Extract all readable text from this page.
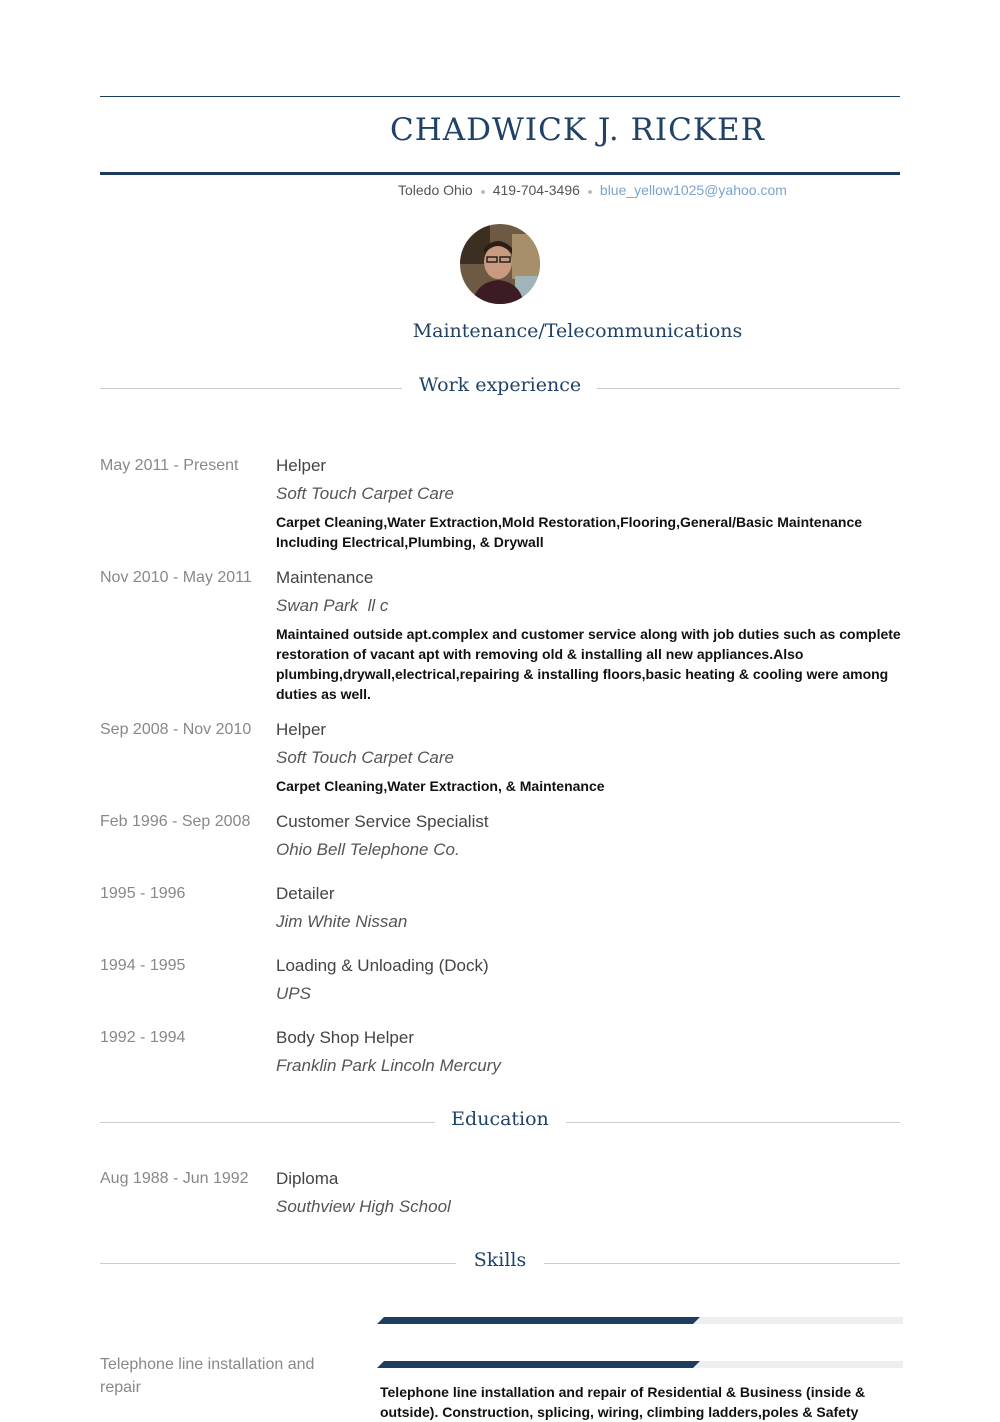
CHADWICK J. RICKER
Toledo Ohio 419-704-3496 blue_yellow1025@yahoo.com
Maintenance/Telecommunications
Work experience
May 2011 - Present Helper
Soft Touch Carpet Care
Carpet Cleaning,Water Extraction,Mold Restoration,Flooring,General/Basic Maintenance Including Electrical,Plumbing, & Drywall
Nov 2010 - May 2011 Maintenance
Swan Park  ll c
Maintained outside apt.complex and customer service along with job duties such as complete restoration of vacant apt with removing old & installing all new appliances.Also plumbing,drywall,electrical,repairing & installing floors,basic heating & cooling were among duties as well.
Sep 2008 - Nov 2010 Helper
Soft Touch Carpet Care
Carpet Cleaning,Water Extraction, & Maintenance
Feb 1996 - Sep 2008 Customer Service Specialist
Ohio Bell Telephone Co.
1995 - 1996	Detailer
Jim White Nissan
1994 - 1995	Loading & Unloading (Dock)
UPS
1992 - 1994	Body Shop Helper
Franklin Park Lincoln Mercury
Education
Aug 1988 - Jun 1992 Diploma
Southview High School
Skills
Telephone line installation and repair	Telephone line installation and repair of Residential & Business (inside & outside). Construction, splicing, wiring, climbing ladders,poles & Safety
